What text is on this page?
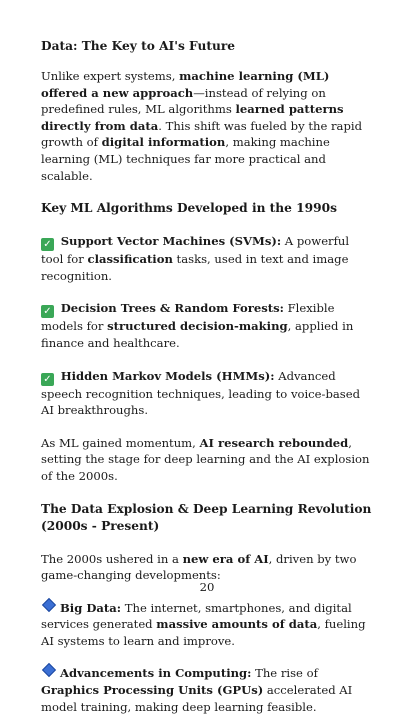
Data: The Key to AI's Future

Unlike expert systems, machine learning (ML) offered a new approach—instead of relying on predefined rules, ML algorithms learned patterns directly from data. This shift was fueled by the rapid growth of digital information, making machine learning (ML) techniques far more practical and scalable.

Key ML Algorithms Developed in the 1990s

✓ Support Vector Machines (SVMs): A powerful tool for classification tasks, used in text and image recognition.

✓ Decision Trees & Random Forests: Flexible models for structured decision-making, applied in finance and healthcare.

✓ Hidden Markov Models (HMMs): Advanced speech recognition techniques, leading to voice-based AI breakthroughs.

As ML gained momentum, AI research rebounded, setting the stage for deep learning and the AI explosion of the 2000s.

The Data Explosion & Deep Learning Revolution (2000s - Present)

The 2000s ushered in a new era of AI, driven by two game-changing developments:

Big Data: The internet, smartphones, and digital services generated massive amounts of data, fueling AI systems to learn and improve.

Advancements in Computing: The rise of Graphics Processing Units (GPUs) accelerated AI model training, making deep learning feasible.

20
